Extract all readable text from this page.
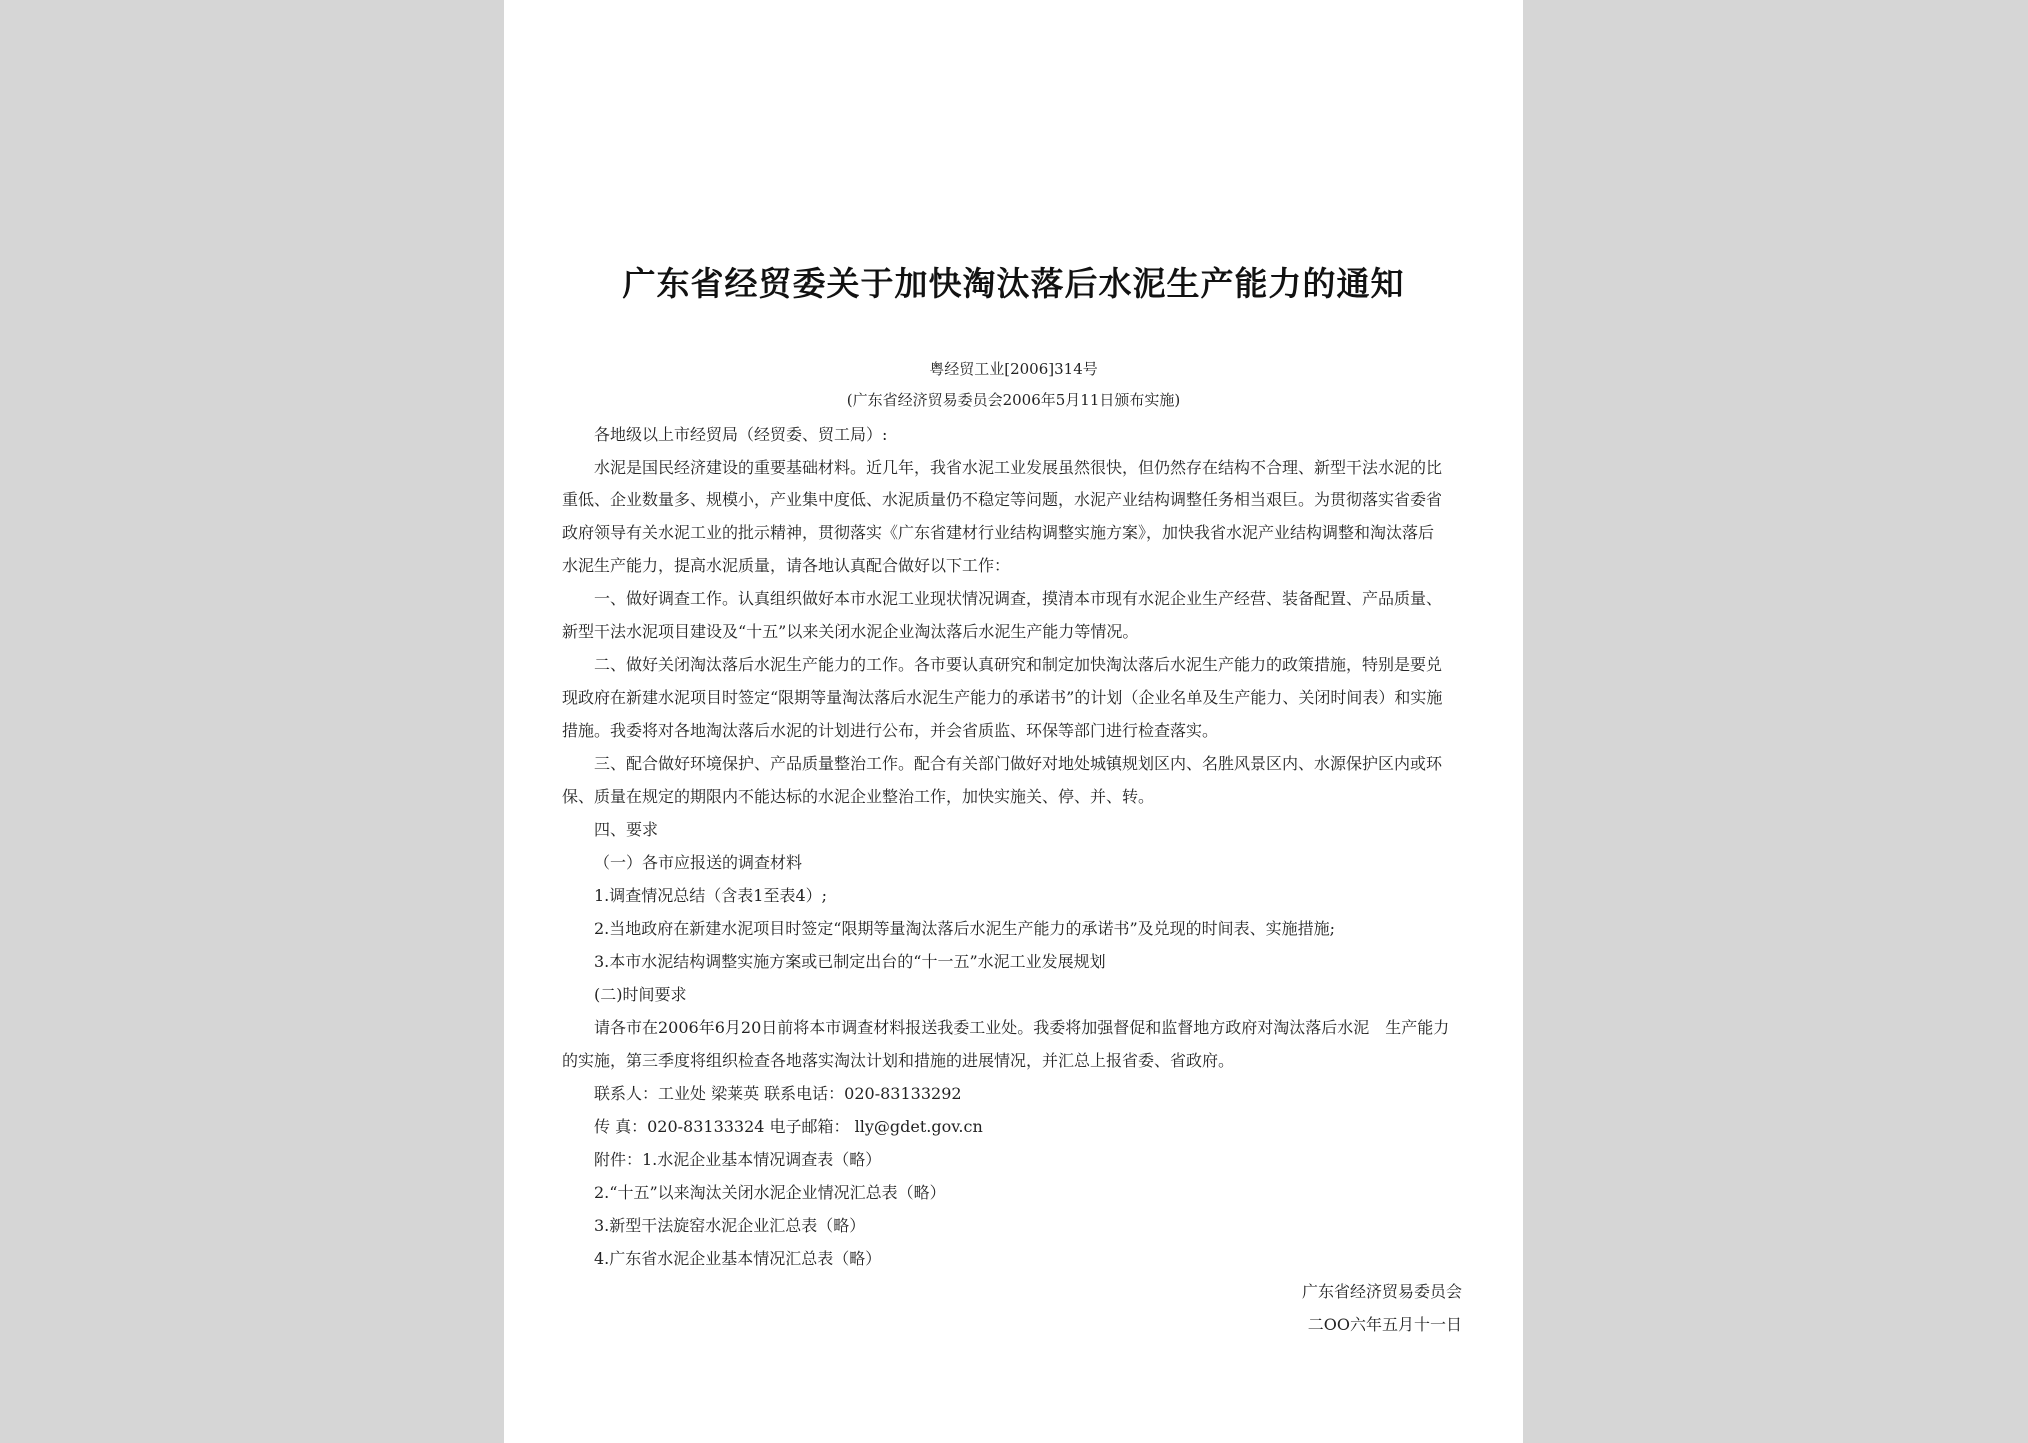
广东省经贸委关于加快淘汰落后水泥生产能力的通知
粤经贸工业[2006]314号
(广东省经济贸易委员会2006年5月11日颁布实施)
各地级以上市经贸局（经贸委、贸工局）:
水泥是国民经济建设的重要基础材料。近几年，我省水泥工业发展虽然很快，但仍然存在结构不合理、新型干法水泥的比
重低、企业数量多、规模小，产业集中度低、水泥质量仍不稳定等问题，水泥产业结构调整任务相当艰巨。为贯彻落实省委省
政府领导有关水泥工业的批示精神，贯彻落实《广东省建材行业结构调整实施方案》，加快我省水泥产业结构调整和淘汰落后
水泥生产能力，提高水泥质量，请各地认真配合做好以下工作：
一、做好调查工作。认真组织做好本市水泥工业现状情况调查，摸清本市现有水泥企业生产经营、装备配置、产品质量、
新型干法水泥项目建设及“十五”以来关闭水泥企业淘汰落后水泥生产能力等情况。
二、做好关闭淘汰落后水泥生产能力的工作。各市要认真研究和制定加快淘汰落后水泥生产能力的政策措施，特别是要兑
现政府在新建水泥项目时签定“限期等量淘汰落后水泥生产能力的承诺书”的计划（企业名单及生产能力、关闭时间表）和实施
措施。我委将对各地淘汰落后水泥的计划进行公布，并会省质监、环保等部门进行检查落实。
三、配合做好环境保护、产品质量整治工作。配合有关部门做好对地处城镇规划区内、名胜风景区内、水源保护区内或环
保、质量在规定的期限内不能达标的水泥企业整治工作，加快实施关、停、并、转。
四、要求
（一）各市应报送的调查材料
1.调查情况总结（含表1至表4）;
2.当地政府在新建水泥项目时签定“限期等量淘汰落后水泥生产能力的承诺书”及兑现的时间表、实施措施;
3.本市水泥结构调整实施方案或已制定出台的“十一五”水泥工业发展规划
(二)时间要求
请各市在2006年6月20日前将本市调查材料报送我委工业处。我委将加强督促和监督地方政府对淘汰落后水泥　生产能力
的实施，第三季度将组织检查各地落实淘汰计划和措施的进展情况，并汇总上报省委、省政府。
联系人：工业处 梁莱英 联系电话：020-83133292
传 真：020-83133324 电子邮箱： lly@gdet.gov.cn
附件：1.水泥企业基本情况调查表（略）
2.“十五”以来淘汰关闭水泥企业情况汇总表（略）
3.新型干法旋窑水泥企业汇总表（略）
4.广东省水泥企业基本情况汇总表（略）
广东省经济贸易委员会
二OO六年五月十一日
